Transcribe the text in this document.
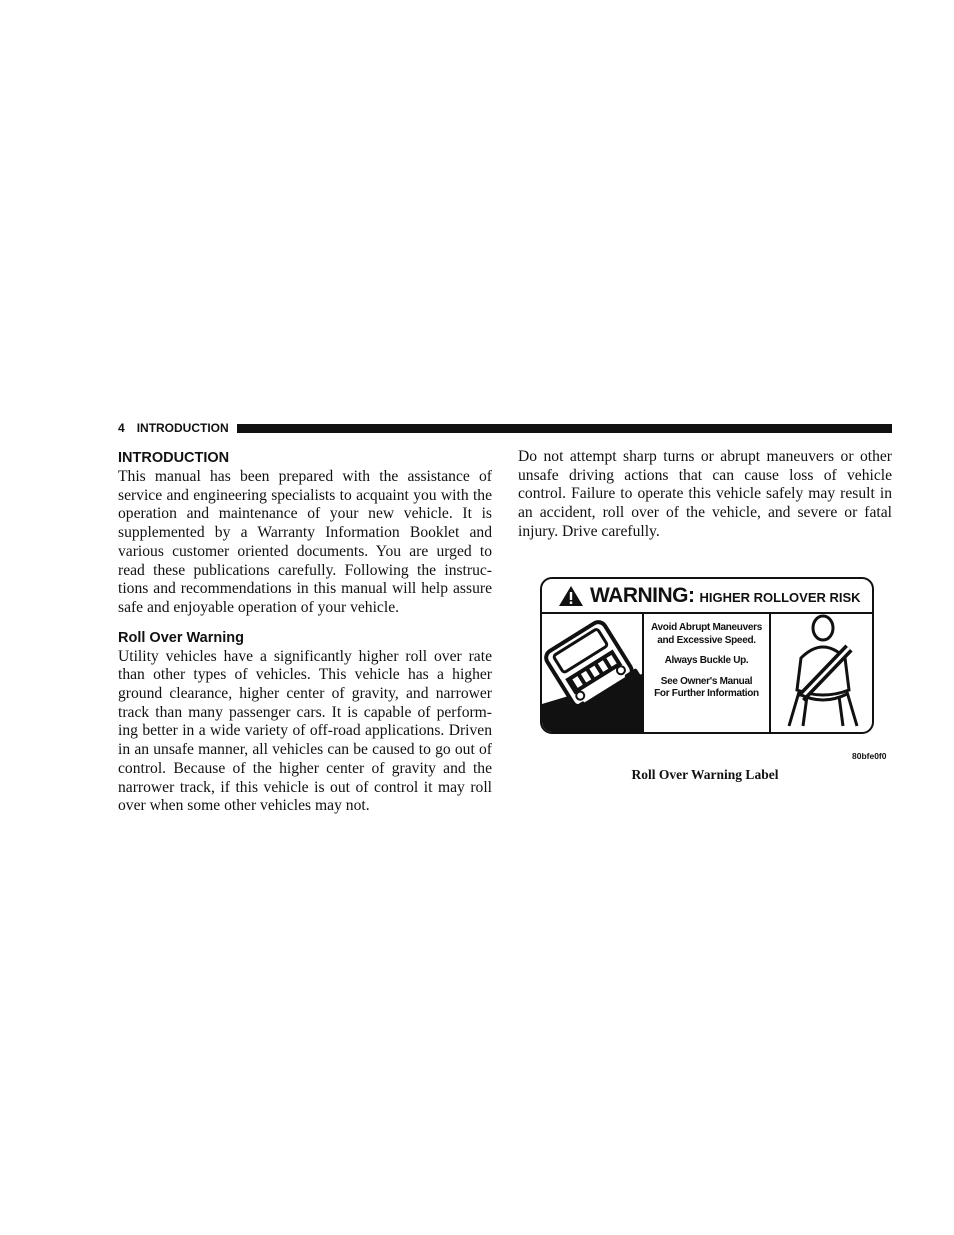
4 INTRODUCTION
INTRODUCTION

This manual has been prepared with the assistance of service and engineering specialists to acquaint you with the operation and maintenance of your new vehicle. It is supplemented by a Warranty Information Booklet and various customer oriented documents. You are urged to read these publications carefully. Following the instruc-tions and recommendations in this manual will help assure safe and enjoyable operation of your vehicle.

Roll Over Warning

Utility vehicles have a significantly higher roll over rate than other types of vehicles. This vehicle has a higher ground clearance, higher center of gravity, and narrower track than many passenger cars. It is capable of perform-ing better in a wide variety of off-road applications. Driven in an unsafe manner, all vehicles can be caused to go out of control. Because of the higher center of gravity and the narrower track, if this vehicle is out of control it may roll over when some other vehicles may not.

Do not attempt sharp turns or abrupt maneuvers or other unsafe driving actions that can cause loss of vehicle control. Failure to operate this vehicle safely may result in an accident, roll over of the vehicle, and severe or fatal injury. Drive carefully.

WARNING: HIGHER ROLLOVER RISK
Avoid Abrupt Maneuvers
and Excessive Speed.
Always Buckle Up.
See Owner's Manual
For Further Information
80bfe0f0
Roll Over Warning Label
